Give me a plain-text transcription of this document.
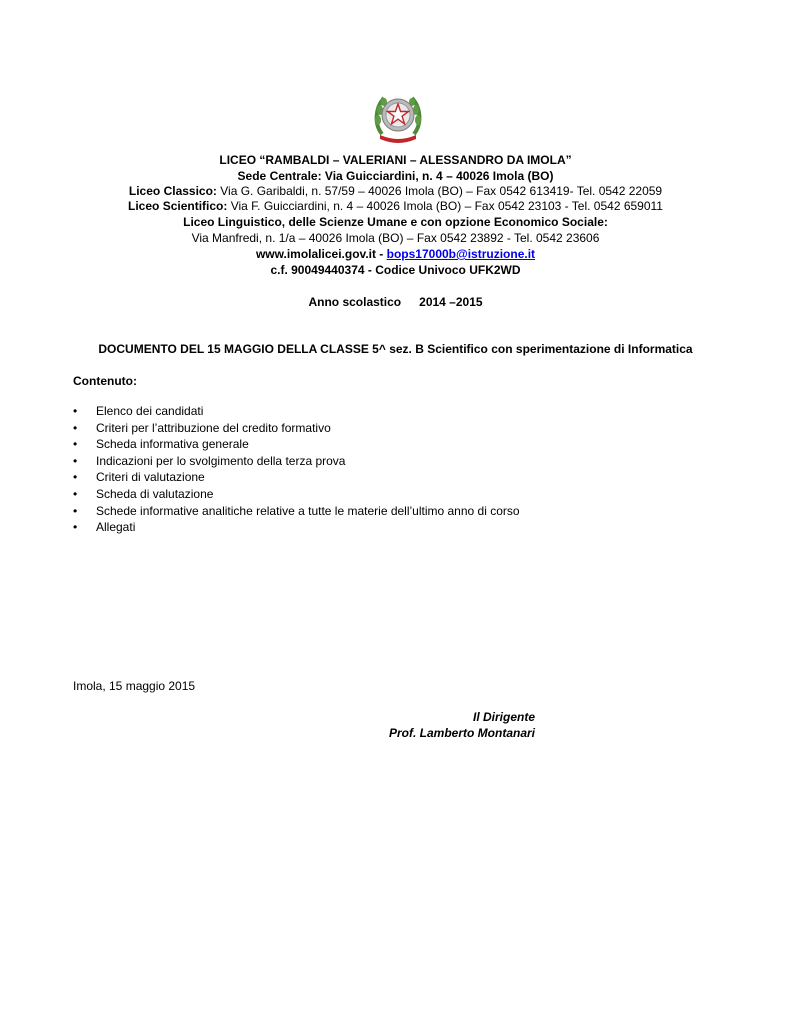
LICEO “RAMBALDI – VALERIANI – ALESSANDRO DA IMOLA”
Sede Centrale: Via Guicciardini, n. 4 – 40026 Imola (BO)
Liceo Classico: Via G. Garibaldi, n. 57/59 – 40026 Imola (BO) – Fax 0542 613419- Tel. 0542 22059
Liceo Scientifico: Via F. Guicciardini, n. 4 – 40026 Imola (BO) – Fax 0542 23103 - Tel. 0542 659011
Liceo Linguistico, delle Scienze Umane e con opzione Economico Sociale:
Via Manfredi, n. 1/a – 40026 Imola (BO) – Fax 0542 23892 - Tel. 0542 23606
www.imolalicei.gov.it - bops17000b@istruzione.it
c.f. 90049440374 - Codice Univoco UFK2WD
Anno scolastico 2014 –2015
DOCUMENTO DEL 15 MAGGIO DELLA CLASSE 5^ sez. B Scientifico con sperimentazione di Informatica
Contenuto:
• Elenco dei candidati
• Criteri per l’attribuzione del credito formativo
• Scheda informativa generale
• Indicazioni per lo svolgimento della terza prova
• Criteri di valutazione
• Scheda di valutazione
• Schede informative analitiche relative a tutte le materie dell’ultimo anno di corso
• Allegati
Imola, 15 maggio 2015
Il Dirigente
Prof. Lamberto Montanari
